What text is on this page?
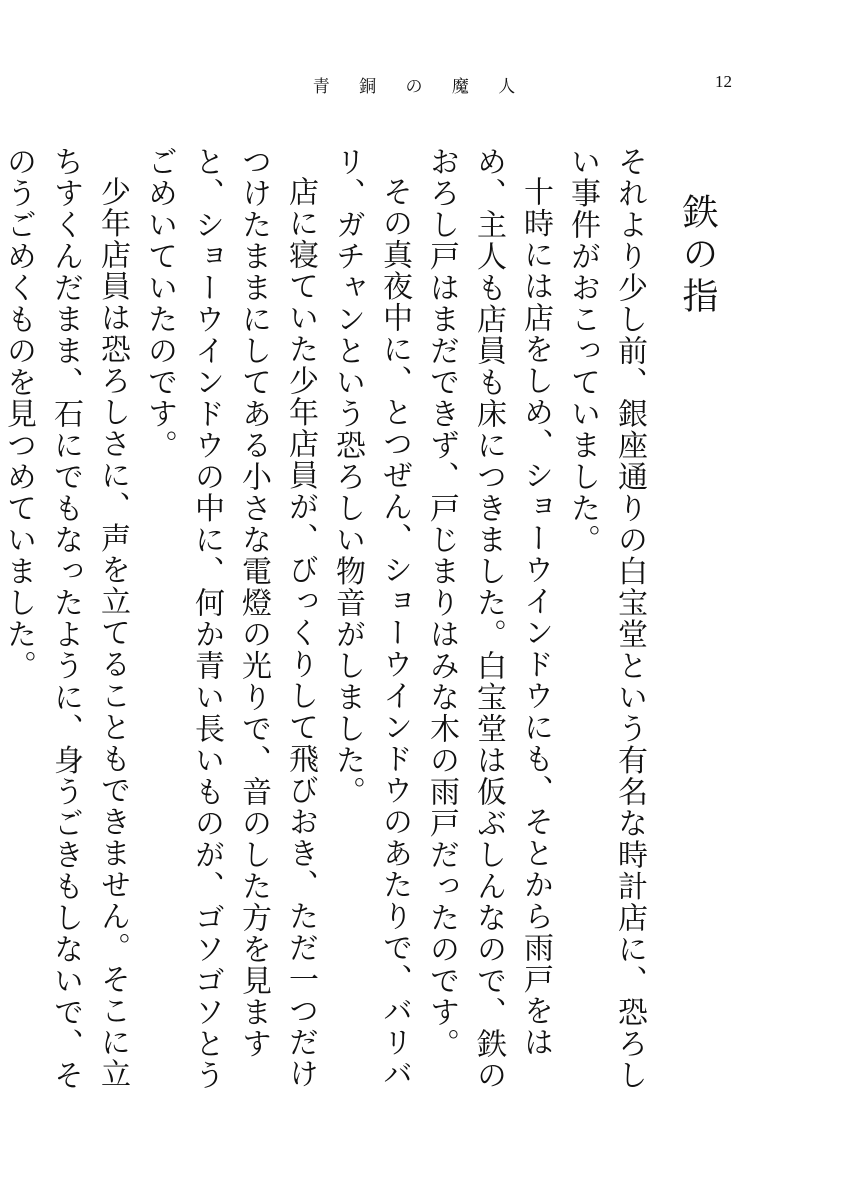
青 銅 の 魔 人	12
鉄の指

それより少し前、銀座通りの白宝堂という有名な時計店に、恐ろしい事件がおこっていました。

十時には店をしめ、ショーウインドウにも、そとから雨戸をはめ、主人も店員も床につきました。白宝堂は仮ぶしんなので、鉄のおろし戸はまだできず、戸じまりはみな木の雨戸だったのです。

その真夜中に、とつぜん、ショーウインドウのあたりで、バリバリ、ガチャンという恐ろしい物音がしました。

店に寝ていた少年店員が、びっくりして飛びおき、ただ一つだけつけたままにしてある小さな電燈の光りで、音のした方を見ますと、ショーウインドウの中に、何か青い長いものが、ゴソゴソとうごめいていたのです。

少年店員は恐ろしさに、声を立てることもできません。そこに立ちすくんだまま、石にでもなったように、身うごきもしないで、そのうごめくものを見つめていました。
